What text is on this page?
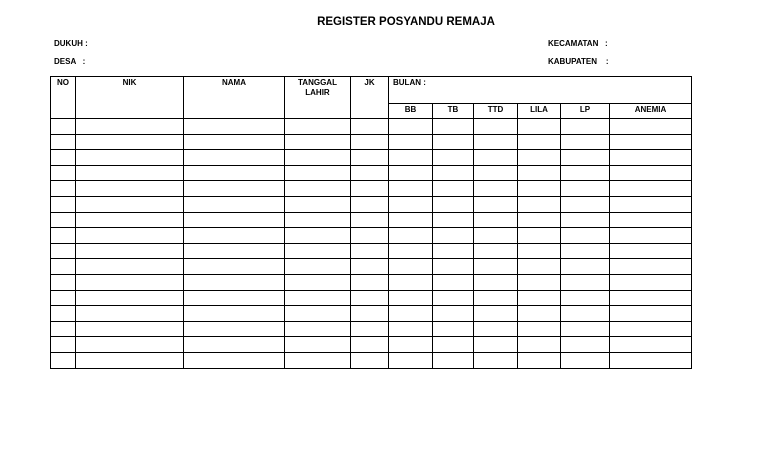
REGISTER POSYANDU REMAJA
DUKUH :
DESA   :
KECAMATAN   :
KABUPATEN    :
NO	NIK	NAMA	TANGGAL LAHIR	JK	BULAN :					
					BB	TB	TTD	LILA	LP	ANEMIA
